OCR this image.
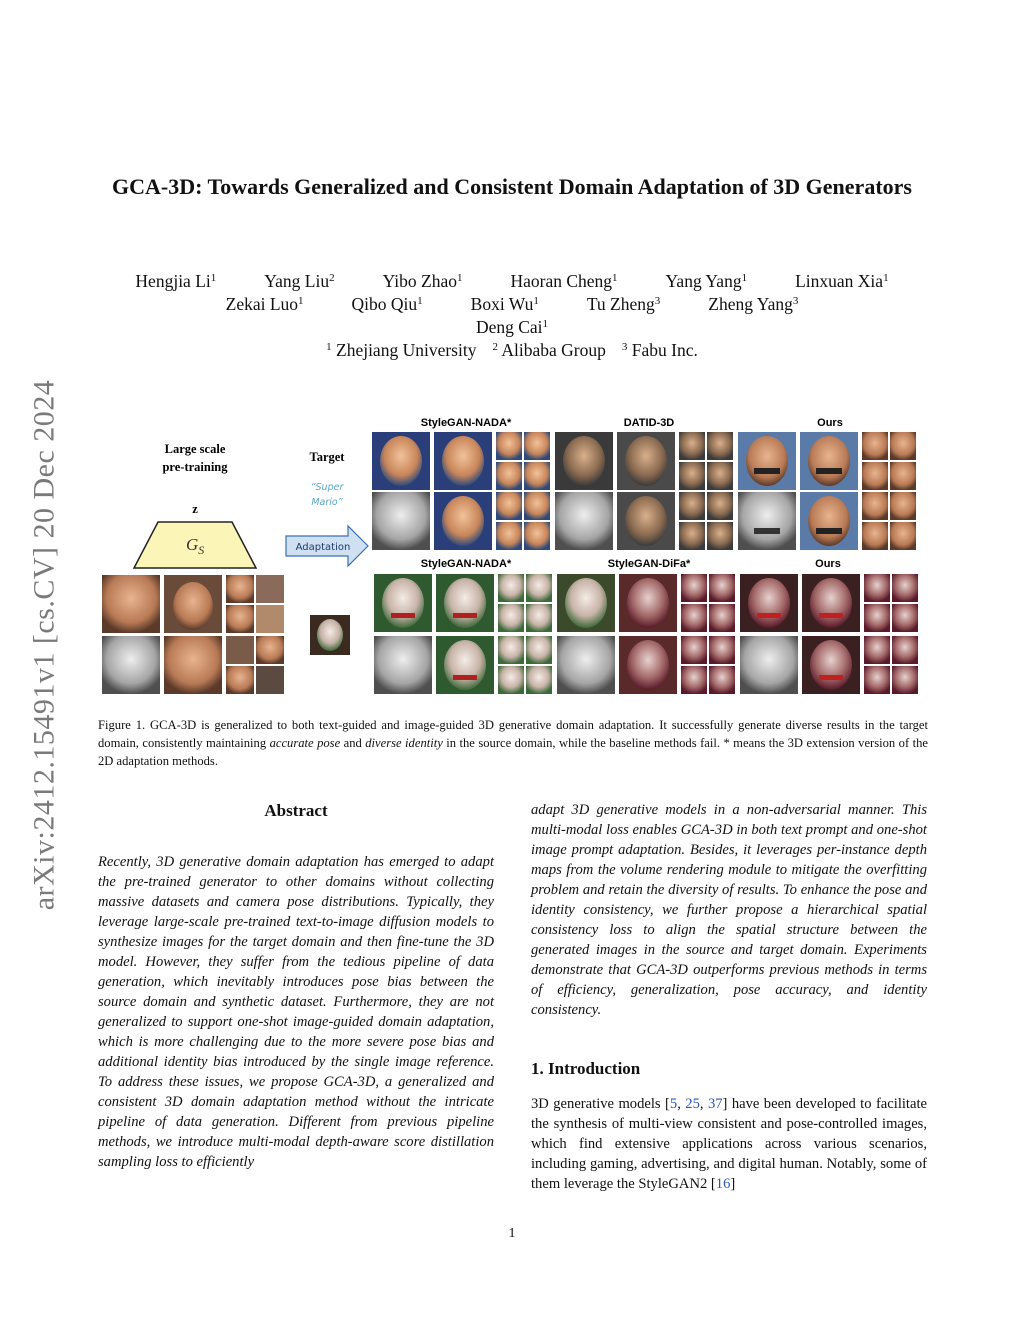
arXiv:2412.15491v1 [cs.CV] 20 Dec 2024
GCA-3D: Towards Generalized and Consistent Domain Adaptation of 3D Generators
Hengjia Li$^1$	Yang Liu$^2$	Yibo Zhao$^1$	Haoran Cheng$^1$	Yang Yang$^1$	Linxuan Xia$^1$
Zekai Luo$^1$	Qibo Qiu$^1$	Boxi Wu$^1$	Tu Zheng$^3$	Zheng Yang$^3$
Deng Cai$^1$
$^1$ Zhejiang University $^2$ Alibaba Group $^3$ Fabu Inc.
Large scale
pre-training
z
$G_S$
Target
“Super
Mario”
Adaptation
StyleGAN-NADA*	DATID-3D	Ours
StyleGAN-NADA*	StyleGAN-DiFa*	Ours
Figure 1. GCA-3D is generalized to both text-guided and image-guided 3D generative domain adaptation. It successfully generate diverse results in the target domain, consistently maintaining accurate pose and diverse identity in the source domain, while the baseline methods fail. * means the 3D extension version of the 2D adaptation methods.
Abstract
Recently, 3D generative domain adaptation has emerged to adapt the pre-trained generator to other domains without collecting massive datasets and camera pose distributions. Typically, they leverage large-scale pre-trained text-to-image diffusion models to synthesize images for the target domain and then fine-tune the 3D model. However, they suffer from the tedious pipeline of data generation, which inevitably introduces pose bias between the source domain and synthetic dataset. Furthermore, they are not generalized to support one-shot image-guided domain adaptation, which is more challenging due to the more severe pose bias and additional identity bias introduced by the single image reference. To address these issues, we propose GCA-3D, a generalized and consistent 3D domain adaptation method without the intricate pipeline of data generation. Different from previous pipeline methods, we introduce multi-modal depth-aware score distillation sampling loss to efficiently
adapt 3D generative models in a non-adversarial manner. This multi-modal loss enables GCA-3D in both text prompt and one-shot image prompt adaptation. Besides, it leverages per-instance depth maps from the volume rendering module to mitigate the overfitting problem and retain the diversity of results. To enhance the pose and identity consistency, we further propose a hierarchical spatial consistency loss to align the spatial structure between the generated images in the source and target domain. Experiments demonstrate that GCA-3D outperforms previous methods in terms of efficiency, generalization, pose accuracy, and identity consistency.
1. Introduction
3D generative models [5, 25, 37] have been developed to facilitate the synthesis of multi-view consistent and pose-controlled images, which find extensive applications across various scenarios, including gaming, advertising, and digital human. Notably, some of them leverage the StyleGAN2 [16]
1
